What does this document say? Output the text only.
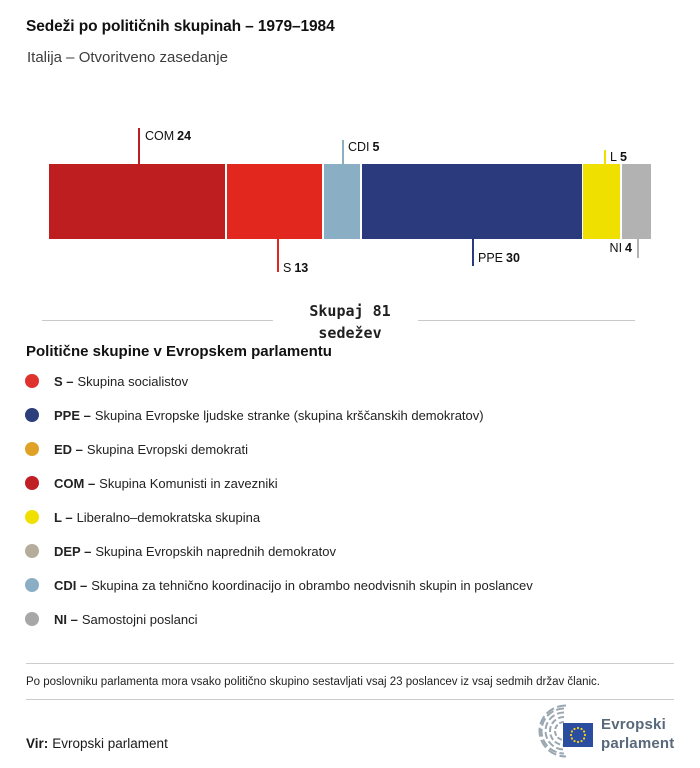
Sedeži po političnih skupinah – 1979–1984
Italija – Otvoritveno zasedanje
COM 24
S 13
CDI 5
PPE 30
L 5
NI 4
Skupaj 81
sedežev
Politične skupine v Evropskem parlamentu
S – Skupina socialistov
PPE – Skupina Evropske ljudske stranke (skupina krščanskih demokratov)
ED – Skupina Evropski demokrati
COM – Skupina Komunisti in zavezniki
L – Liberalno–demokratska skupina
DEP – Skupina Evropskih naprednih demokratov
CDI – Skupina za tehnično koordinacijo in obrambo neodvisnih skupin in poslancev
NI – Samostojni poslanci
Po poslovniku parlamenta mora vsako politično skupino sestavljati vsaj 23 poslancev iz vsaj sedmih držav članic.
Vir: Evropski parlament
Evropski
parlament
